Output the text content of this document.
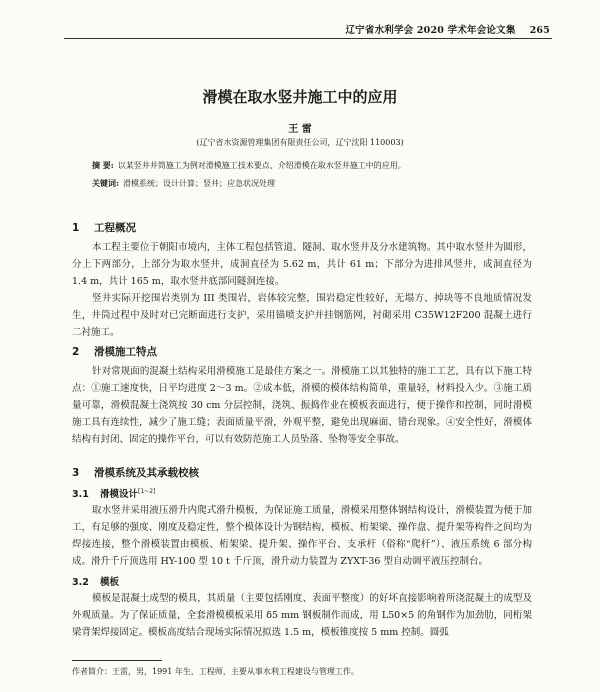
辽宁省水利学会 2020 学术年会论文集 265
滑模在取水竖井施工中的应用
王 雷
(辽宁省水资源管理集团有限责任公司，辽宁沈阳 110003)
摘 要: 以某竖井井筒施工为例对滑模施工技术要点、介绍滑模在取水竖井施工中的应用。
关键词: 滑模系统；设计计算；竖井；应急状况处理
1 工程概况
本工程主要位于朝阳市境内，主体工程包括管道、隧洞、取水竖井及分水建筑物。其中取水竖井为圆形，分上下两部分，上部分为取水竖井，成洞直径为 5.62 m，共计 61 m；下部分为进排风竖井，成洞直径为 1.4 m，共计 165 m，取水竖井底部同隧洞连接。
竖井实际开挖围岩类别为 III 类围岩，岩体较完整，围岩稳定性较好，无塌方、掉块等不良地质情况发生，井筒过程中及时对已完断面进行支护，采用锚喷支护并挂钢筋网，衬砌采用 C35W12F200 混凝土进行二衬施工。
2 滑模施工特点
针对常规面的混凝土结构采用滑模施工是最佳方案之一。滑模施工以其独特的施工工艺，具有以下施工特点：①施工速度快，日平均进度 2～3 m。②成本低，滑模的模体结构简单，重量轻，材料投入少。③施工质量可靠，滑模混凝土浇筑按 30 cm 分层控制，浇筑、振捣作业在模板表面进行，便于操作和控制，同时滑模施工具有连续性，减少了施工缝；表面质量平滑，外观平整，避免出现麻面、错台现象。④安全性好，滑模体结构有封闭、固定的操作平台，可以有效防范施工人员坠落、坠物等安全事故。
3 滑模系统及其承载校核
3.1 滑模设计[1~2]
取水竖井采用液压滑升内爬式滑升模板，为保证施工质量，滑模采用整体钢结构设计，滑模装置为便于加工，有足够的强度、刚度及稳定性，整个模体设计为钢结构，模板、桁架梁、操作盘、提升架等构件之间均为焊接连接，整个滑模装置由模板、桁架梁、提升架、操作平台、支承杆（俗称“爬杆”）、液压系统 6 部分构成。滑升千斤顶选用 HY-100 型 10 t 千斤顶，滑升动力装置为 ZYXT-36 型自动调平液压控制台。
3.2 模板
模板是混凝土成型的模具，其质量（主要包括刚度、表面平整度）的好坏直接影响着所浇混凝土的成型及外观质量。为了保证质量，全套滑模模板采用 δ5 mm 钢板制作而成，用 L50×5 的角钢作为加劲肋，同桁架梁背架焊接固定。模板高度结合现场实际情况拟选 1.5 m，模板锥度按 5 mm 控制。圆弧
作者简介：王雷，男，1991 年生，工程师，主要从事水利工程建设与管理工作。
